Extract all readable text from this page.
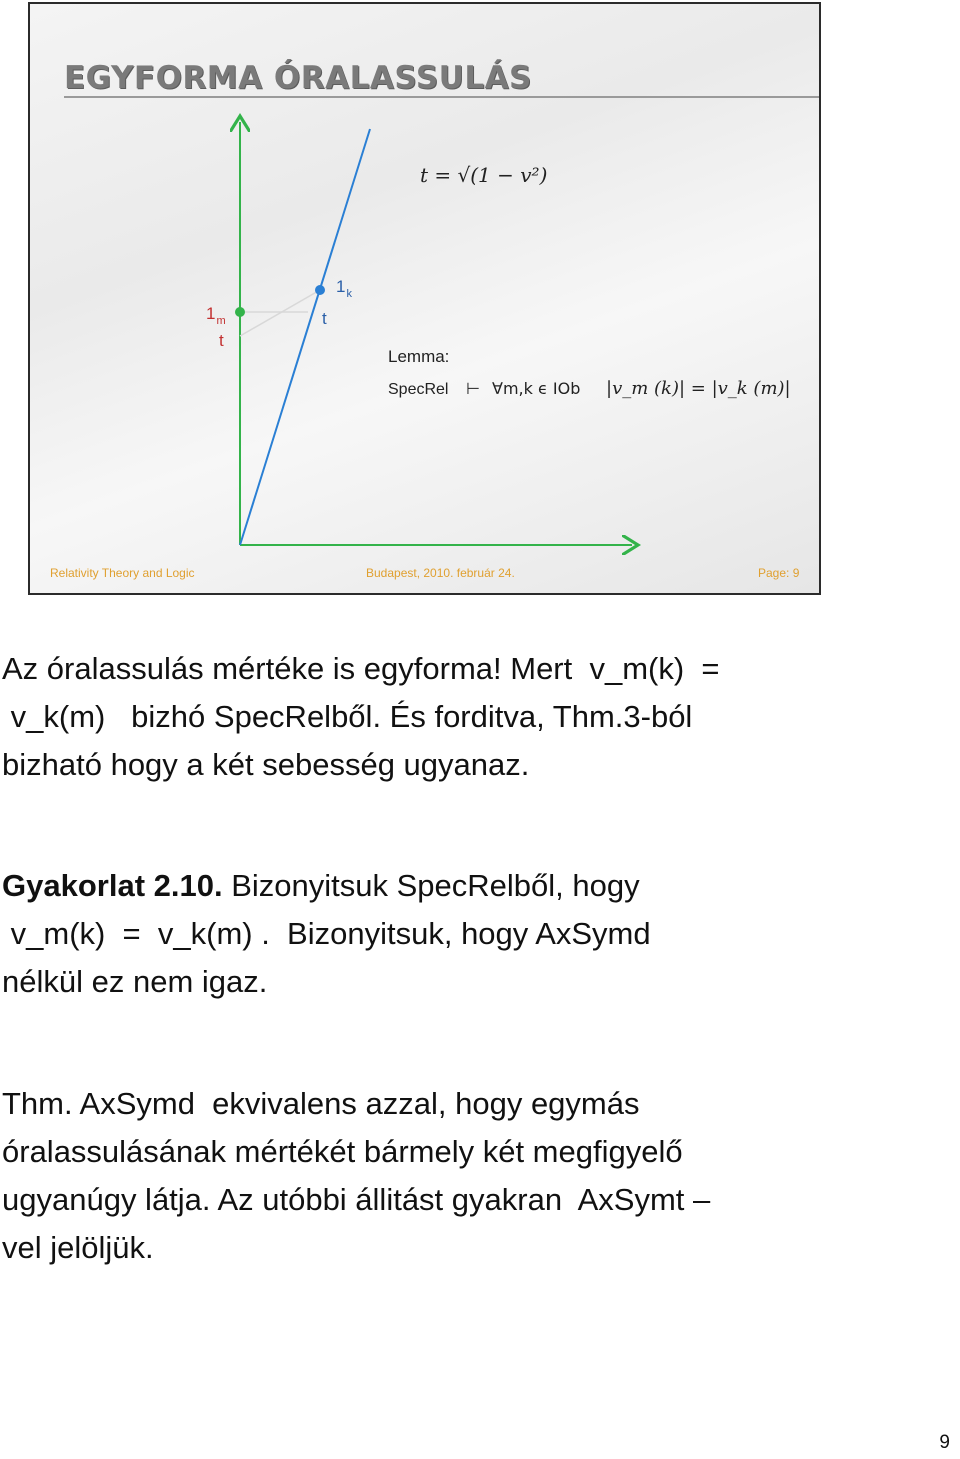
EGYFORMA ÓRALASSULÁS
$1_m$
t
$1_k$
t
t = √(1 − v²)
Lemma:
SpecRel ⊢ ∀m,k ϵ IOb |v_m (k)| = |v_k (m)|
Relativity Theory and Logic	Budapest, 2010. február 24.	Page: 9

Az óralassulás mértéke is egyforma! Mert  v_m(k)  =
v_k(m)   bizhó SpecRelből. És forditva, Thm.3-ból
bizható hogy a két sebesség ugyanaz.

Gyakorlat 2.10. Bizonyitsuk SpecRelből, hogy
v_m(k)  =  v_k(m) .  Bizonyitsuk, hogy AxSymd
nélkül ez nem igaz.

Thm. AxSymd  ekvivalens azzal, hogy egymás
óralassulásának mértékét bármely két megfigyelő
ugyanúgy látja. Az utóbbi állitást gyakran  AxSymt –
vel jelöljük.

9
